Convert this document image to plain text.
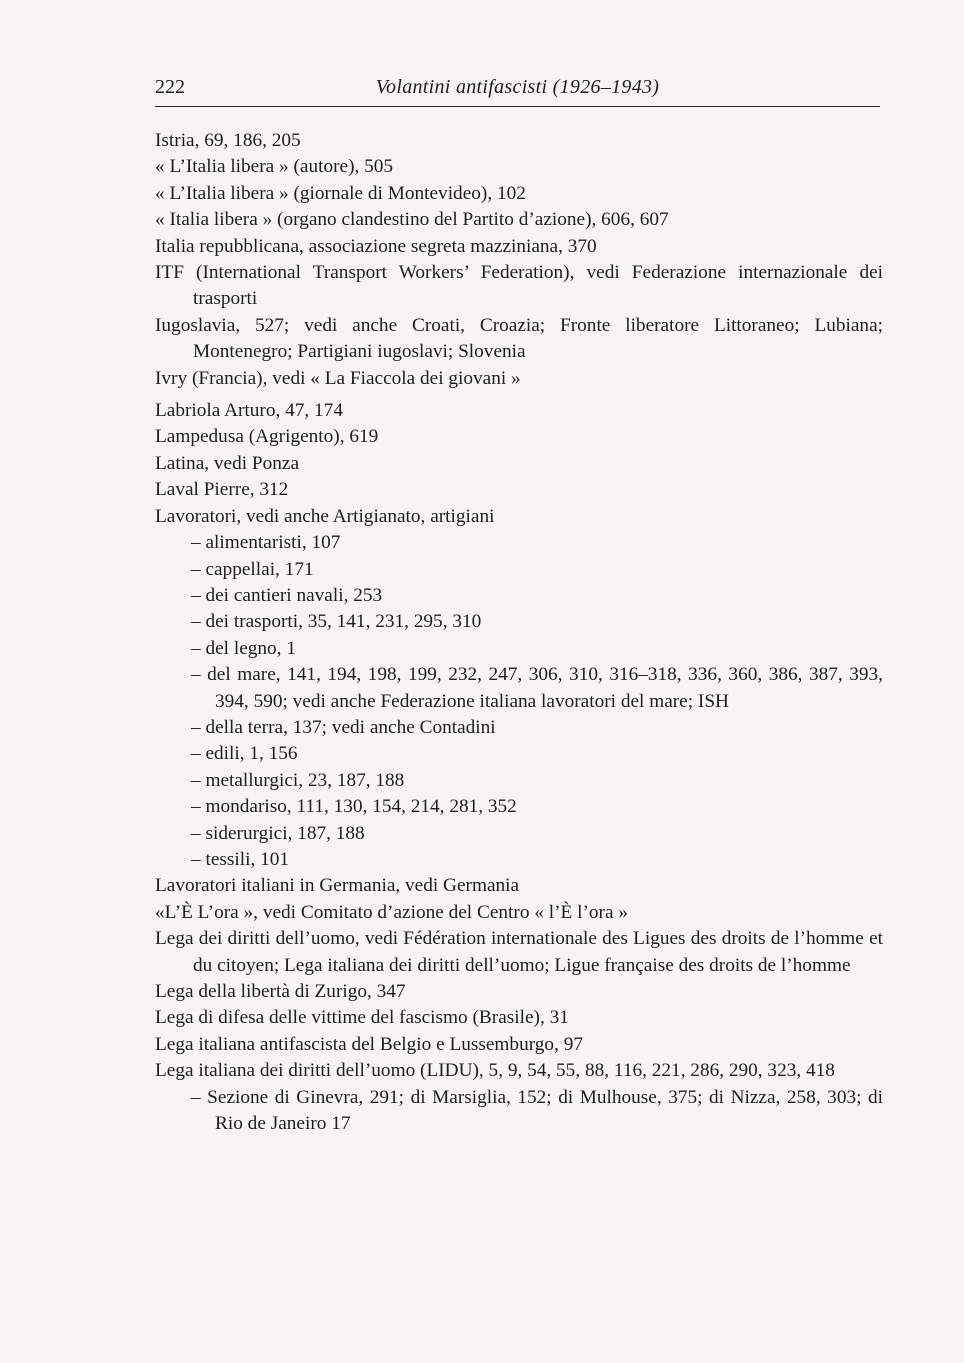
222	Volantini antifascisti (1926–1943)
Istria, 69, 186, 205
« L’Italia libera » (autore), 505
« L’Italia libera » (giornale di Montevideo), 102
« Italia libera » (organo clandestino del Partito d’azione), 606, 607
Italia repubblicana, associazione segreta mazziniana, 370
ITF (International Transport Workers’ Federation), vedi Federazione internazionale dei trasporti
Iugoslavia, 527; vedi anche Croati, Croazia; Fronte liberatore Littoraneo; Lubiana; Montenegro; Partigiani iugoslavi; Slovenia
Ivry (Francia), vedi « La Fiaccola dei giovani »
Labriola Arturo, 47, 174
Lampedusa (Agrigento), 619
Latina, vedi Ponza
Laval Pierre, 312
Lavoratori, vedi anche Artigianato, artigiani
– alimentaristi, 107
– cappellai, 171
– dei cantieri navali, 253
– dei trasporti, 35, 141, 231, 295, 310
– del legno, 1
– del mare, 141, 194, 198, 199, 232, 247, 306, 310, 316–318, 336, 360, 386, 387, 393, 394, 590; vedi anche Federazione italiana lavoratori del mare; ISH
– della terra, 137; vedi anche Contadini
– edili, 1, 156
– metallurgici, 23, 187, 188
– mondariso, 111, 130, 154, 214, 281, 352
– siderurgici, 187, 188
– tessili, 101
Lavoratori italiani in Germania, vedi Germania
«L’È L’ora », vedi Comitato d’azione del Centro « l’È l’ora »
Lega dei diritti dell’uomo, vedi Fédération internationale des Ligues des droits de l’homme et du citoyen; Lega italiana dei diritti dell’uomo; Ligue française des droits de l’homme
Lega della libertà di Zurigo, 347
Lega di difesa delle vittime del fascismo (Brasile), 31
Lega italiana antifascista del Belgio e Lussemburgo, 97
Lega italiana dei diritti dell’uomo (LIDU), 5, 9, 54, 55, 88, 116, 221, 286, 290, 323, 418
– Sezione di Ginevra, 291; di Marsiglia, 152; di Mulhouse, 375; di Nizza, 258, 303; di Rio de Janeiro 17
